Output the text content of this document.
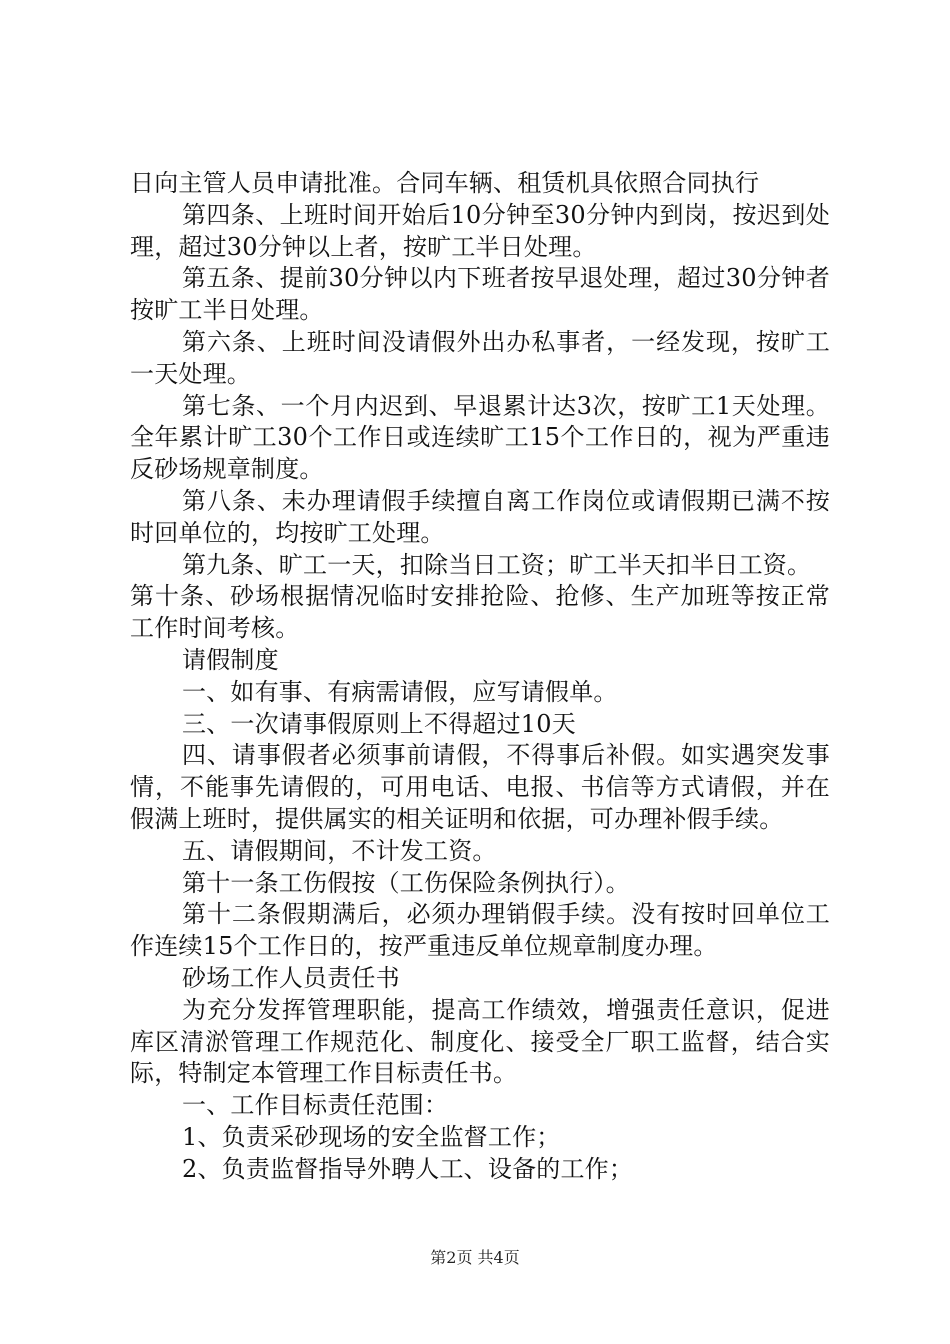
日向主管人员申请批准。合同车辆、租赁机具依照合同执行

第四条、上班时间开始后10分钟至30分钟内到岗，按迟到处理，超过30分钟以上者，按旷工半日处理。

第五条、提前30分钟以内下班者按早退处理，超过30分钟者按旷工半日处理。

第六条、上班时间没请假外出办私事者，一经发现，按旷工一天处理。

第七条、一个月内迟到、早退累计达3次，按旷工1天处理。全年累计旷工30个工作日或连续旷工15个工作日的，视为严重违反砂场规章制度。

第八条、未办理请假手续擅自离工作岗位或请假期已满不按时回单位的，均按旷工处理。

第九条、旷工一天，扣除当日工资；旷工半天扣半日工资。

第十条、砂场根据情况临时安排抢险、抢修、生产加班等按正常工作时间考核。

请假制度

一、如有事、有病需请假，应写请假单。

三、一次请事假原则上不得超过10天

四、请事假者必须事前请假，不得事后补假。如实遇突发事情，不能事先请假的，可用电话、电报、书信等方式请假，并在假满上班时，提供属实的相关证明和依据，可办理补假手续。

五、请假期间，不计发工资。

第十一条工伤假按（工伤保险条例执行）。

第十二条假期满后，必须办理销假手续。没有按时回单位工作连续15个工作日的，按严重违反单位规章制度办理。

砂场工作人员责任书

为充分发挥管理职能，提高工作绩效，增强责任意识，促进库区清淤管理工作规范化、制度化、接受全厂职工监督，结合实际，特制定本管理工作目标责任书。

一、工作目标责任范围：

1、负责采砂现场的安全监督工作；

2、负责监督指导外聘人工、设备的工作；

第2页 共4页
